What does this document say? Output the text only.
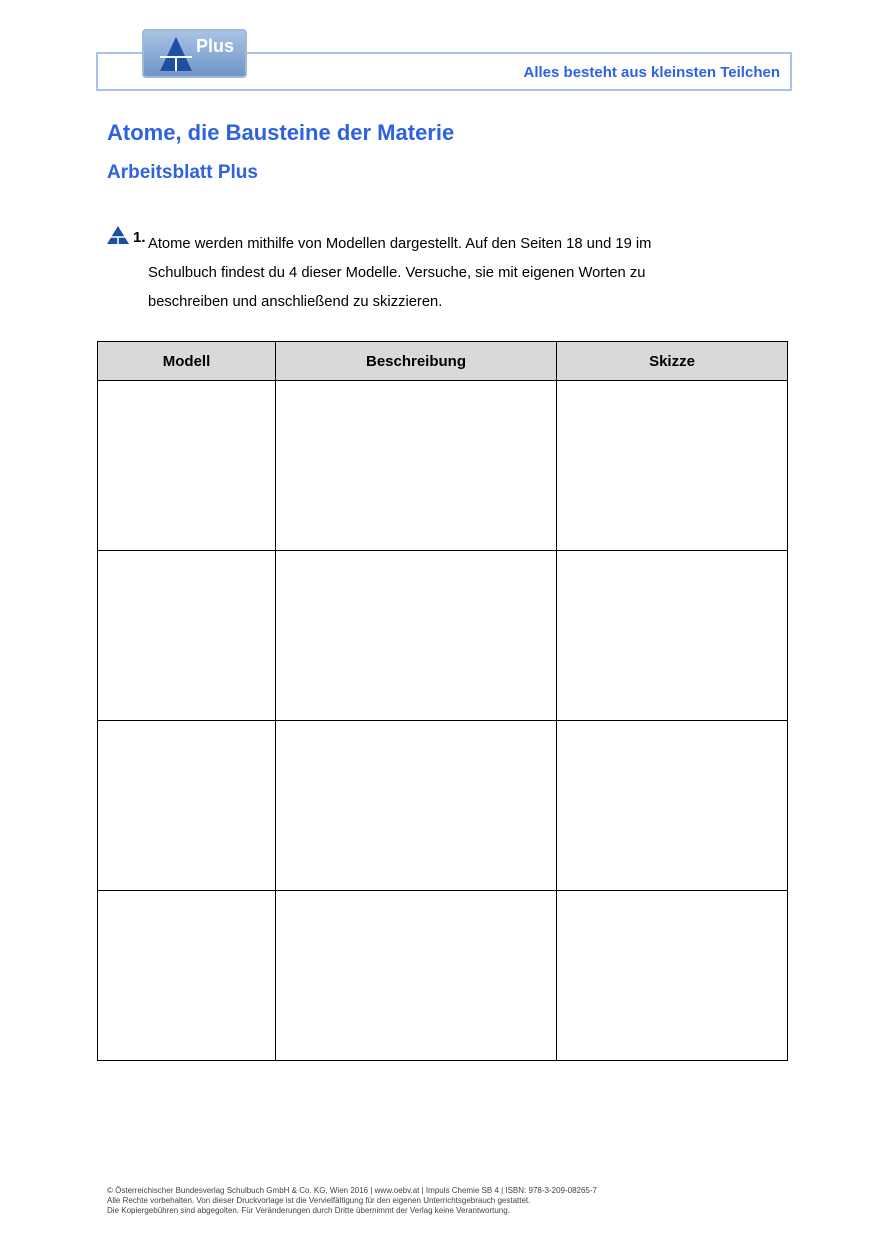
Alles besteht aus kleinsten Teilchen
Plus
Atome, die Bausteine der Materie
Arbeitsblatt Plus
1. Atome werden mithilfe von Modellen dargestellt. Auf den Seiten 18 und 19 im
Schulbuch findest du 4 dieser Modelle. Versuche, sie mit eigenen Worten zu
beschreiben und anschließend zu skizzieren.
Modell	Beschreibung	Skizze

© Österreichischer Bundesverlag Schulbuch GmbH & Co. KG, Wien 2016 | www.oebv.at | Impuls Chemie SB 4 | ISBN: 978-3-209-08265-7
Alle Rechte vorbehalten. Von dieser Druckvorlage ist die Vervielfältigung für den eigenen Unterrichtsgebrauch gestattet.
Die Kopiergebühren sind abgegolten. Für Veränderungen durch Dritte übernimmt der Verlag keine Verantwortung.
